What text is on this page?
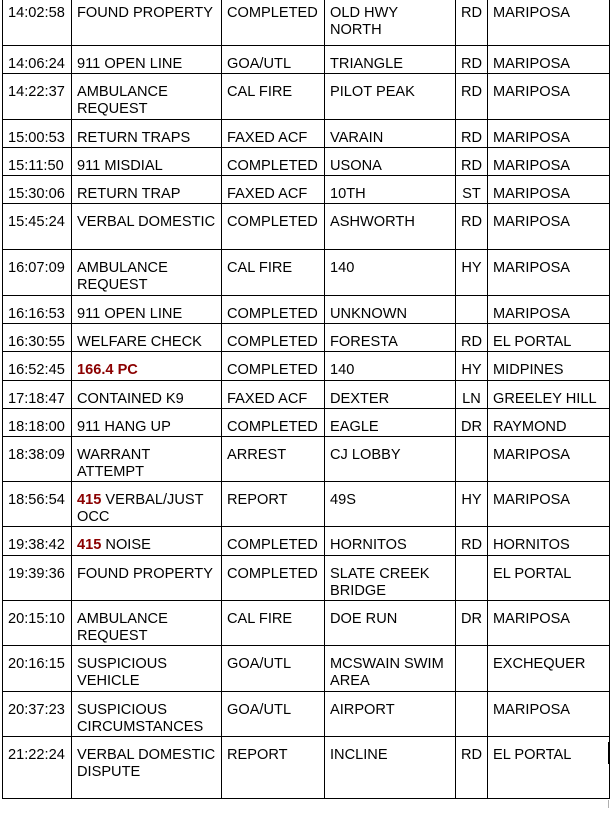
14:02:58	FOUND PROPERTY	COMPLETED	OLD HWY NORTH	RD	MARIPOSA
14:06:24	911 OPEN LINE	GOA/UTL	TRIANGLE	RD	MARIPOSA
14:22:37	AMBULANCE REQUEST	CAL FIRE	PILOT PEAK	RD	MARIPOSA
15:00:53	RETURN TRAPS	FAXED ACF	VARAIN	RD	MARIPOSA
15:11:50	911 MISDIAL	COMPLETED	USONA	RD	MARIPOSA
15:30:06	RETURN TRAP	FAXED ACF	10TH	ST	MARIPOSA
15:45:24	VERBAL DOMESTIC	COMPLETED	ASHWORTH	RD	MARIPOSA
16:07:09	AMBULANCE REQUEST	CAL FIRE	140	HY	MARIPOSA
16:16:53	911 OPEN LINE	COMPLETED	UNKNOWN		MARIPOSA
16:30:55	WELFARE CHECK	COMPLETED	FORESTA	RD	EL PORTAL
16:52:45	166.4 PC	COMPLETED	140	HY	MIDPINES
17:18:47	CONTAINED K9	FAXED ACF	DEXTER	LN	GREELEY HILL
18:18:00	911 HANG UP	COMPLETED	EAGLE	DR	RAYMOND
18:38:09	WARRANT ATTEMPT	ARREST	CJ LOBBY		MARIPOSA
18:56:54	415 VERBAL/JUST OCC	REPORT	49S	HY	MARIPOSA
19:38:42	415 NOISE	COMPLETED	HORNITOS	RD	HORNITOS
19:39:36	FOUND PROPERTY	COMPLETED	SLATE CREEK BRIDGE		EL PORTAL
20:15:10	AMBULANCE REQUEST	CAL FIRE	DOE RUN	DR	MARIPOSA
20:16:15	SUSPICIOUS VEHICLE	GOA/UTL	MCSWAIN SWIM AREA		EXCHEQUER
20:37:23	SUSPICIOUS CIRCUMSTANCES	GOA/UTL	AIRPORT		MARIPOSA
21:22:24	VERBAL DOMESTIC DISPUTE	REPORT	INCLINE	RD	EL PORTAL
